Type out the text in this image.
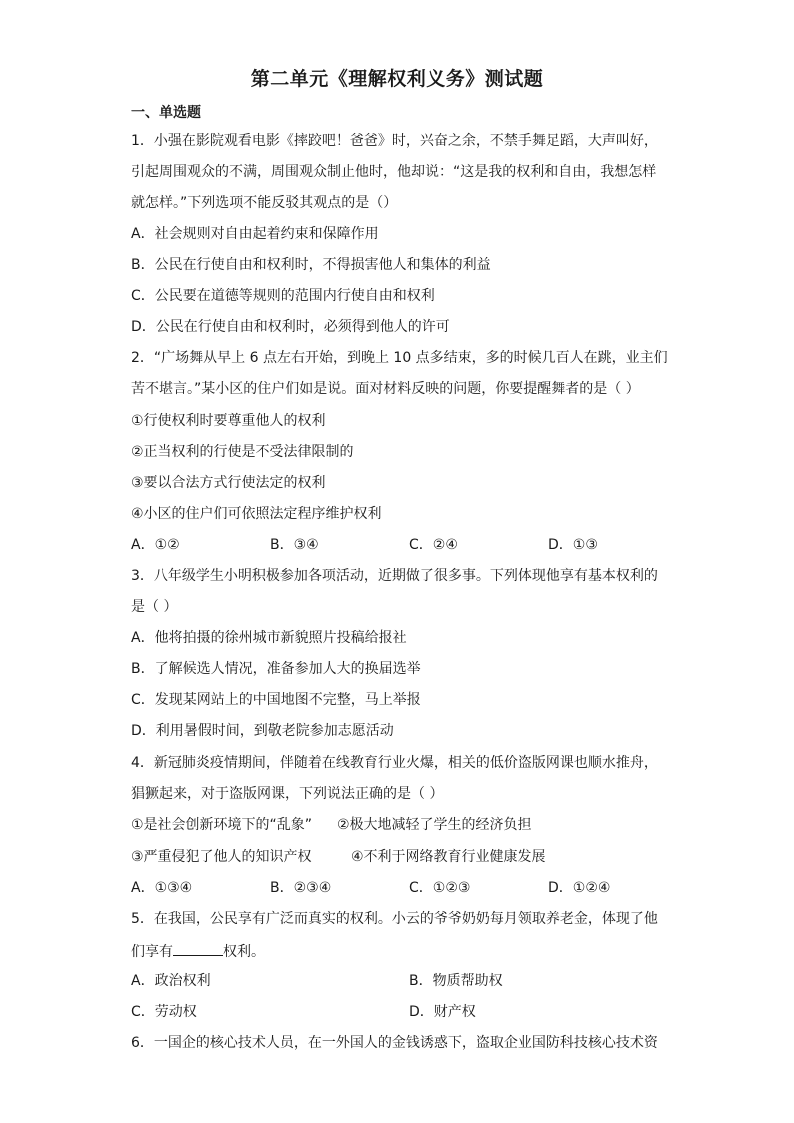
第二单元《理解权利义务》测试题
一、单选题
1．小强在影院观看电影《摔跤吧！爸爸》时，兴奋之余，不禁手舞足蹈，大声叫好，
引起周围观众的不满，周围观众制止他时，他却说：“这是我的权利和自由，我想怎样
就怎样。”下列选项不能反驳其观点的是（）
A．社会规则对自由起着约束和保障作用
B．公民在行使自由和权利时，不得损害他人和集体的利益
C．公民要在道德等规则的范围内行使自由和权利
D．公民在行使自由和权利时，必须得到他人的许可
2．“广场舞从早上 6 点左右开始，到晚上 10 点多结束，多的时候几百人在跳，业主们
苦不堪言。”某小区的住户们如是说。面对材料反映的问题，你要提醒舞者的是（ ）
①行使权利时要尊重他人的权利
②正当权利的行使是不受法律限制的
③要以合法方式行使法定的权利
④小区的住户们可依照法定程序维护权利
A．①②	B．③④	C．②④	D．①③
3．八年级学生小明积极参加各项活动，近期做了很多事。下列体现他享有基本权利的
是（ ）
A．他将拍摄的徐州城市新貌照片投稿给报社
B．了解候选人情况，准备参加人大的换届选举
C．发现某网站上的中国地图不完整，马上举报
D．利用暑假时间，到敬老院参加志愿活动
4．新冠肺炎疫情期间，伴随着在线教育行业火爆，相关的低价盗版网课也顺水推舟，
猖獗起来，对于盗版网课，下列说法正确的是（ ）
①是社会创新环境下的“乱象” ②极大地减轻了学生的经济负担
③严重侵犯了他人的知识产权	④不利于网络教育行业健康发展
A．①③④	B．②③④	C．①②③	D．①②④
5．在我国，公民享有广泛而真实的权利。小云的爷爷奶奶每月领取养老金，体现了他
们享有	权利。
A．政治权利	B．物质帮助权
C．劳动权	D．财产权
6．一国企的核心技术人员，在一外国人的金钱诱惑下，盗取企业国防科技核心技术资
